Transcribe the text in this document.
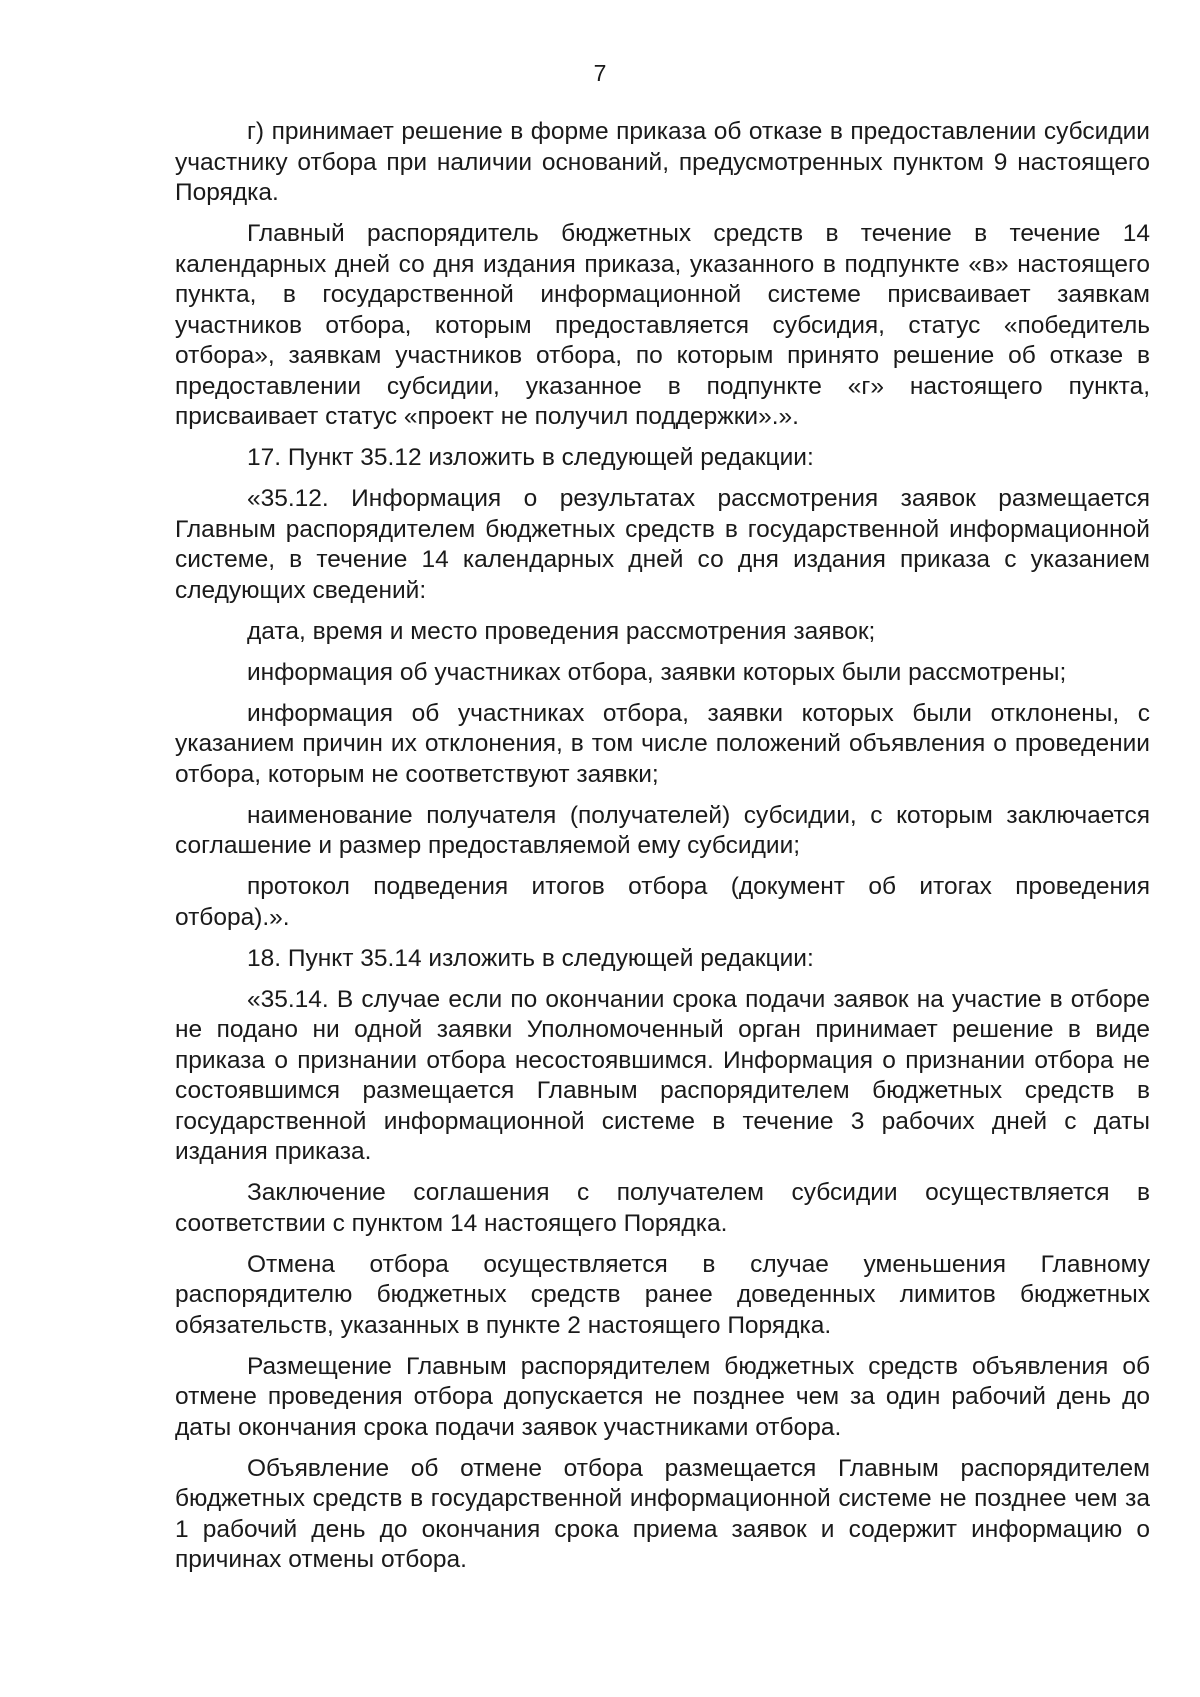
7

г) принимает решение в форме приказа об отказе в предоставлении субсидии участнику отбора при наличии оснований, предусмотренных пунктом 9 настоящего Порядка.

Главный распорядитель бюджетных средств в течение в течение 14 календарных дней со дня издания приказа, указанного в подпункте «в» настоящего пункта, в государственной информационной системе присваивает заявкам участников отбора, которым предоставляется субсидия, статус «победитель отбора», заявкам участников отбора, по которым принято решение об отказе в предоставлении субсидии, указанное в подпункте «г» настоящего пункта, присваивает статус «проект не получил поддержки».».

17. Пункт 35.12 изложить в следующей редакции:

«35.12. Информация о результатах рассмотрения заявок размещается Главным распорядителем бюджетных средств в государственной информационной системе, в течение 14 календарных дней со дня издания приказа с указанием следующих сведений:

дата, время и место проведения рассмотрения заявок;

информация об участниках отбора, заявки которых были рассмотрены;

информация об участниках отбора, заявки которых были отклонены, с указанием причин их отклонения, в том числе положений объявления о проведении отбора, которым не соответствуют заявки;

наименование получателя (получателей) субсидии, с которым заключается соглашение и размер предоставляемой ему субсидии;

протокол подведения итогов отбора (документ об итогах проведения отбора).».

18. Пункт 35.14 изложить в следующей редакции:

«35.14. В случае если по окончании срока подачи заявок на участие в отборе не подано ни одной заявки Уполномоченный орган принимает решение в виде приказа о признании отбора несостоявшимся. Информация о признании отбора не состоявшимся размещается Главным распорядителем бюджетных средств в государственной информационной системе в течение 3 рабочих дней с даты издания приказа.

Заключение соглашения с получателем субсидии осуществляется в соответствии с пунктом 14 настоящего Порядка.

Отмена отбора осуществляется в случае уменьшения Главному распорядителю бюджетных средств ранее доведенных лимитов бюджетных обязательств, указанных в пункте 2 настоящего Порядка.

Размещение Главным распорядителем бюджетных средств объявления об отмене проведения отбора допускается не позднее чем за один рабочий день до даты окончания срока подачи заявок участниками отбора.

Объявление об отмене отбора размещается Главным распорядителем бюджетных средств в государственной информационной системе не позднее чем за 1 рабочий день до окончания срока приема заявок и содержит информацию о причинах отмены отбора.
